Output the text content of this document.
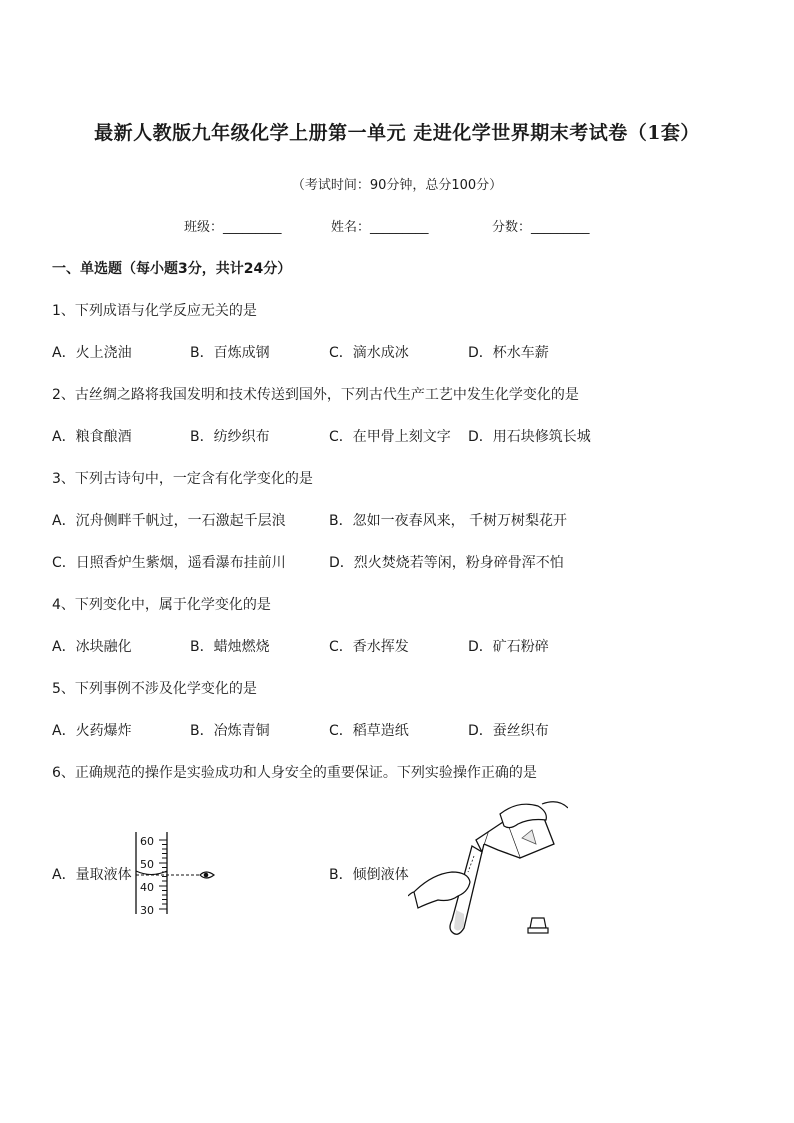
最新人教版九年级化学上册第一单元 走进化学世界期末考试卷（1套）
（考试时间：90分钟，总分100分）
班级：_________	姓名：_________	分数：_________
一、单选题（每小题3分，共计24分）
1、下列成语与化学反应无关的是
A．火上浇油	B．百炼成钢	C．滴水成冰	D．杯水车薪
2、古丝绸之路将我国发明和技术传送到国外，下列古代生产工艺中发生化学变化的是
A．粮食酿酒	B．纺纱织布	C．在甲骨上刻文字 D．用石块修筑长城
3、下列古诗句中，一定含有化学变化的是
A．沉舟侧畔千帆过，一石激起千层浪	B．忽如一夜春风来， 千树万树梨花开
C．日照香炉生紫烟，遥看瀑布挂前川	D．烈火焚烧若等闲，粉身碎骨浑不怕
4、下列变化中，属于化学变化的是
A．冰块融化	B．蜡烛燃烧	C．香水挥发	D．矿石粉碎
5、下列事例不涉及化学变化的是
A．火药爆炸	B．冶炼青铜	C．稻草造纸	D．蚕丝织布
6、正确规范的操作是实验成功和人身安全的重要保证。下列实验操作正确的是
A．量取液体	B．倾倒液体
60
50
40
30
